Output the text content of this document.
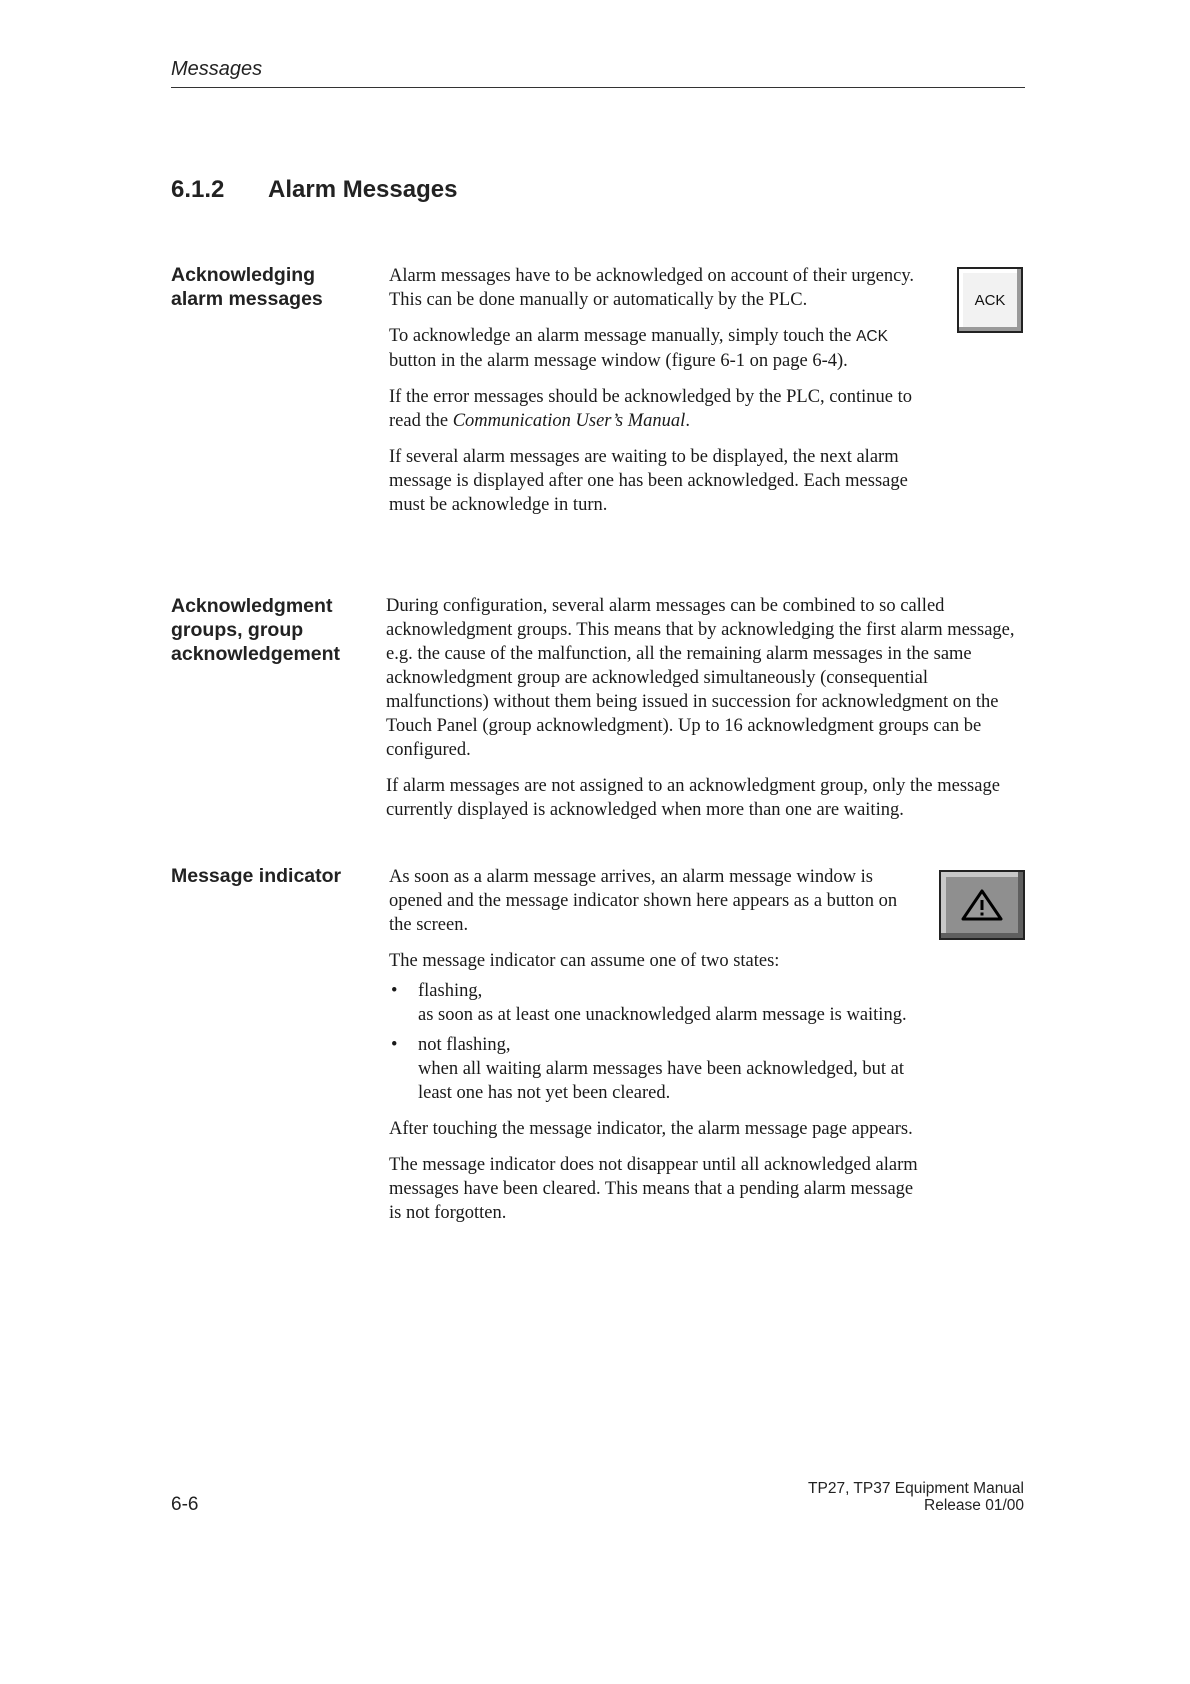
Messages
6.1.2 Alarm Messages
Acknowledging
alarm messages

Alarm messages have to be acknowledged on account of their urgency. This can be done manually or automatically by the PLC.

To acknowledge an alarm message manually, simply touch the ACK button in the alarm message window (figure 6-1 on page 6-4).

If the error messages should be acknowledged by the PLC, continue to read the Communication User’s Manual.

If several alarm messages are waiting to be displayed, the next alarm message is displayed after one has been acknowledged. Each message must be acknowledge in turn.

ACK
Acknowledgment
groups, group
acknowledgement

During configuration, several alarm messages can be combined to so called acknowledgment groups. This means that by acknowledging the first alarm message, e.g. the cause of the malfunction, all the remaining alarm messages in the same acknowledgment group are acknowledged simultaneously (consequential malfunctions) without them being issued in succession for acknowledgment on the Touch Panel (group acknowledgment). Up to 16 acknowledgment groups can be configured.

If alarm messages are not assigned to an acknowledgment group, only the message currently displayed is acknowledged when more than one are waiting.

Message indicator	As soon as a alarm message arrives, an alarm message window is opened and the message indicator shown here appears as a button on the screen.

The message indicator can assume one of two states:

• flashing,
as soon as at least one unacknowledged alarm message is waiting.
• not flashing,
when all waiting alarm messages have been acknowledged, but at least one has not yet been cleared.

After touching the message indicator, the alarm message page appears.

The message indicator does not disappear until all acknowledged alarm messages have been cleared. This means that a pending alarm message is not forgotten.

6-6
TP27, TP37 Equipment Manual
Release 01/00
